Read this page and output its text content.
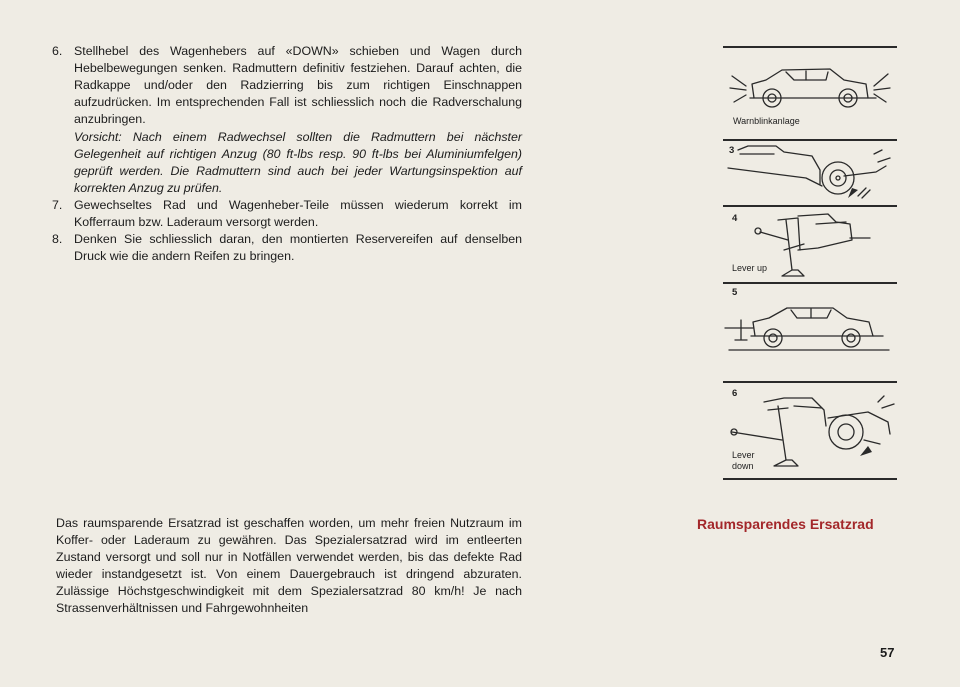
6. Stellhebel des Wagenhebers auf «DOWN» schieben und Wagen durch Hebelbewegungen senken. Radmuttern definitiv festziehen. Darauf achten, die Radkappe und/oder den Radzierring bis zum richtigen Einschnappen aufzudrücken. Im entsprechenden Fall ist schliesslich noch die Radverschalung anzubringen.

Vorsicht: Nach einem Radwechsel sollten die Radmuttern bei nächster Gelegenheit auf richtigen Anzug (80 ft-lbs resp. 90 ft-lbs bei Aluminiumfelgen) geprüft werden. Die Radmuttern sind auch bei jeder Wartungsinspektion auf korrekten Anzug zu prüfen.

7. Gewechseltes Rad und Wagenheber-Teile müssen wiederum korrekt im Kofferraum bzw. Laderaum versorgt werden.

8. Denken Sie schliesslich daran, den montierten Reservereifen auf denselben Druck wie die andern Reifen zu bringen.

Das raumsparende Ersatzrad ist geschaffen worden, um mehr freien Nutzraum im Koffer- oder Laderaum zu gewähren. Das Spezialersatzrad wird im entleerten Zustand versorgt und soll nur in Notfällen verwendet werden, bis das defekte Rad wieder instandgesetzt ist. Von einem Dauergebrauch ist dringend abzuraten. Zulässige Höchstgeschwindigkeit mit dem Spezialersatzrad 80 km/h! Je nach Strassenverhältnissen und Fahrgewohnheiten

Raumsparendes Ersatzrad

57

Warnblinkanlage
3
4
Lever up
5
6
Lever
down
